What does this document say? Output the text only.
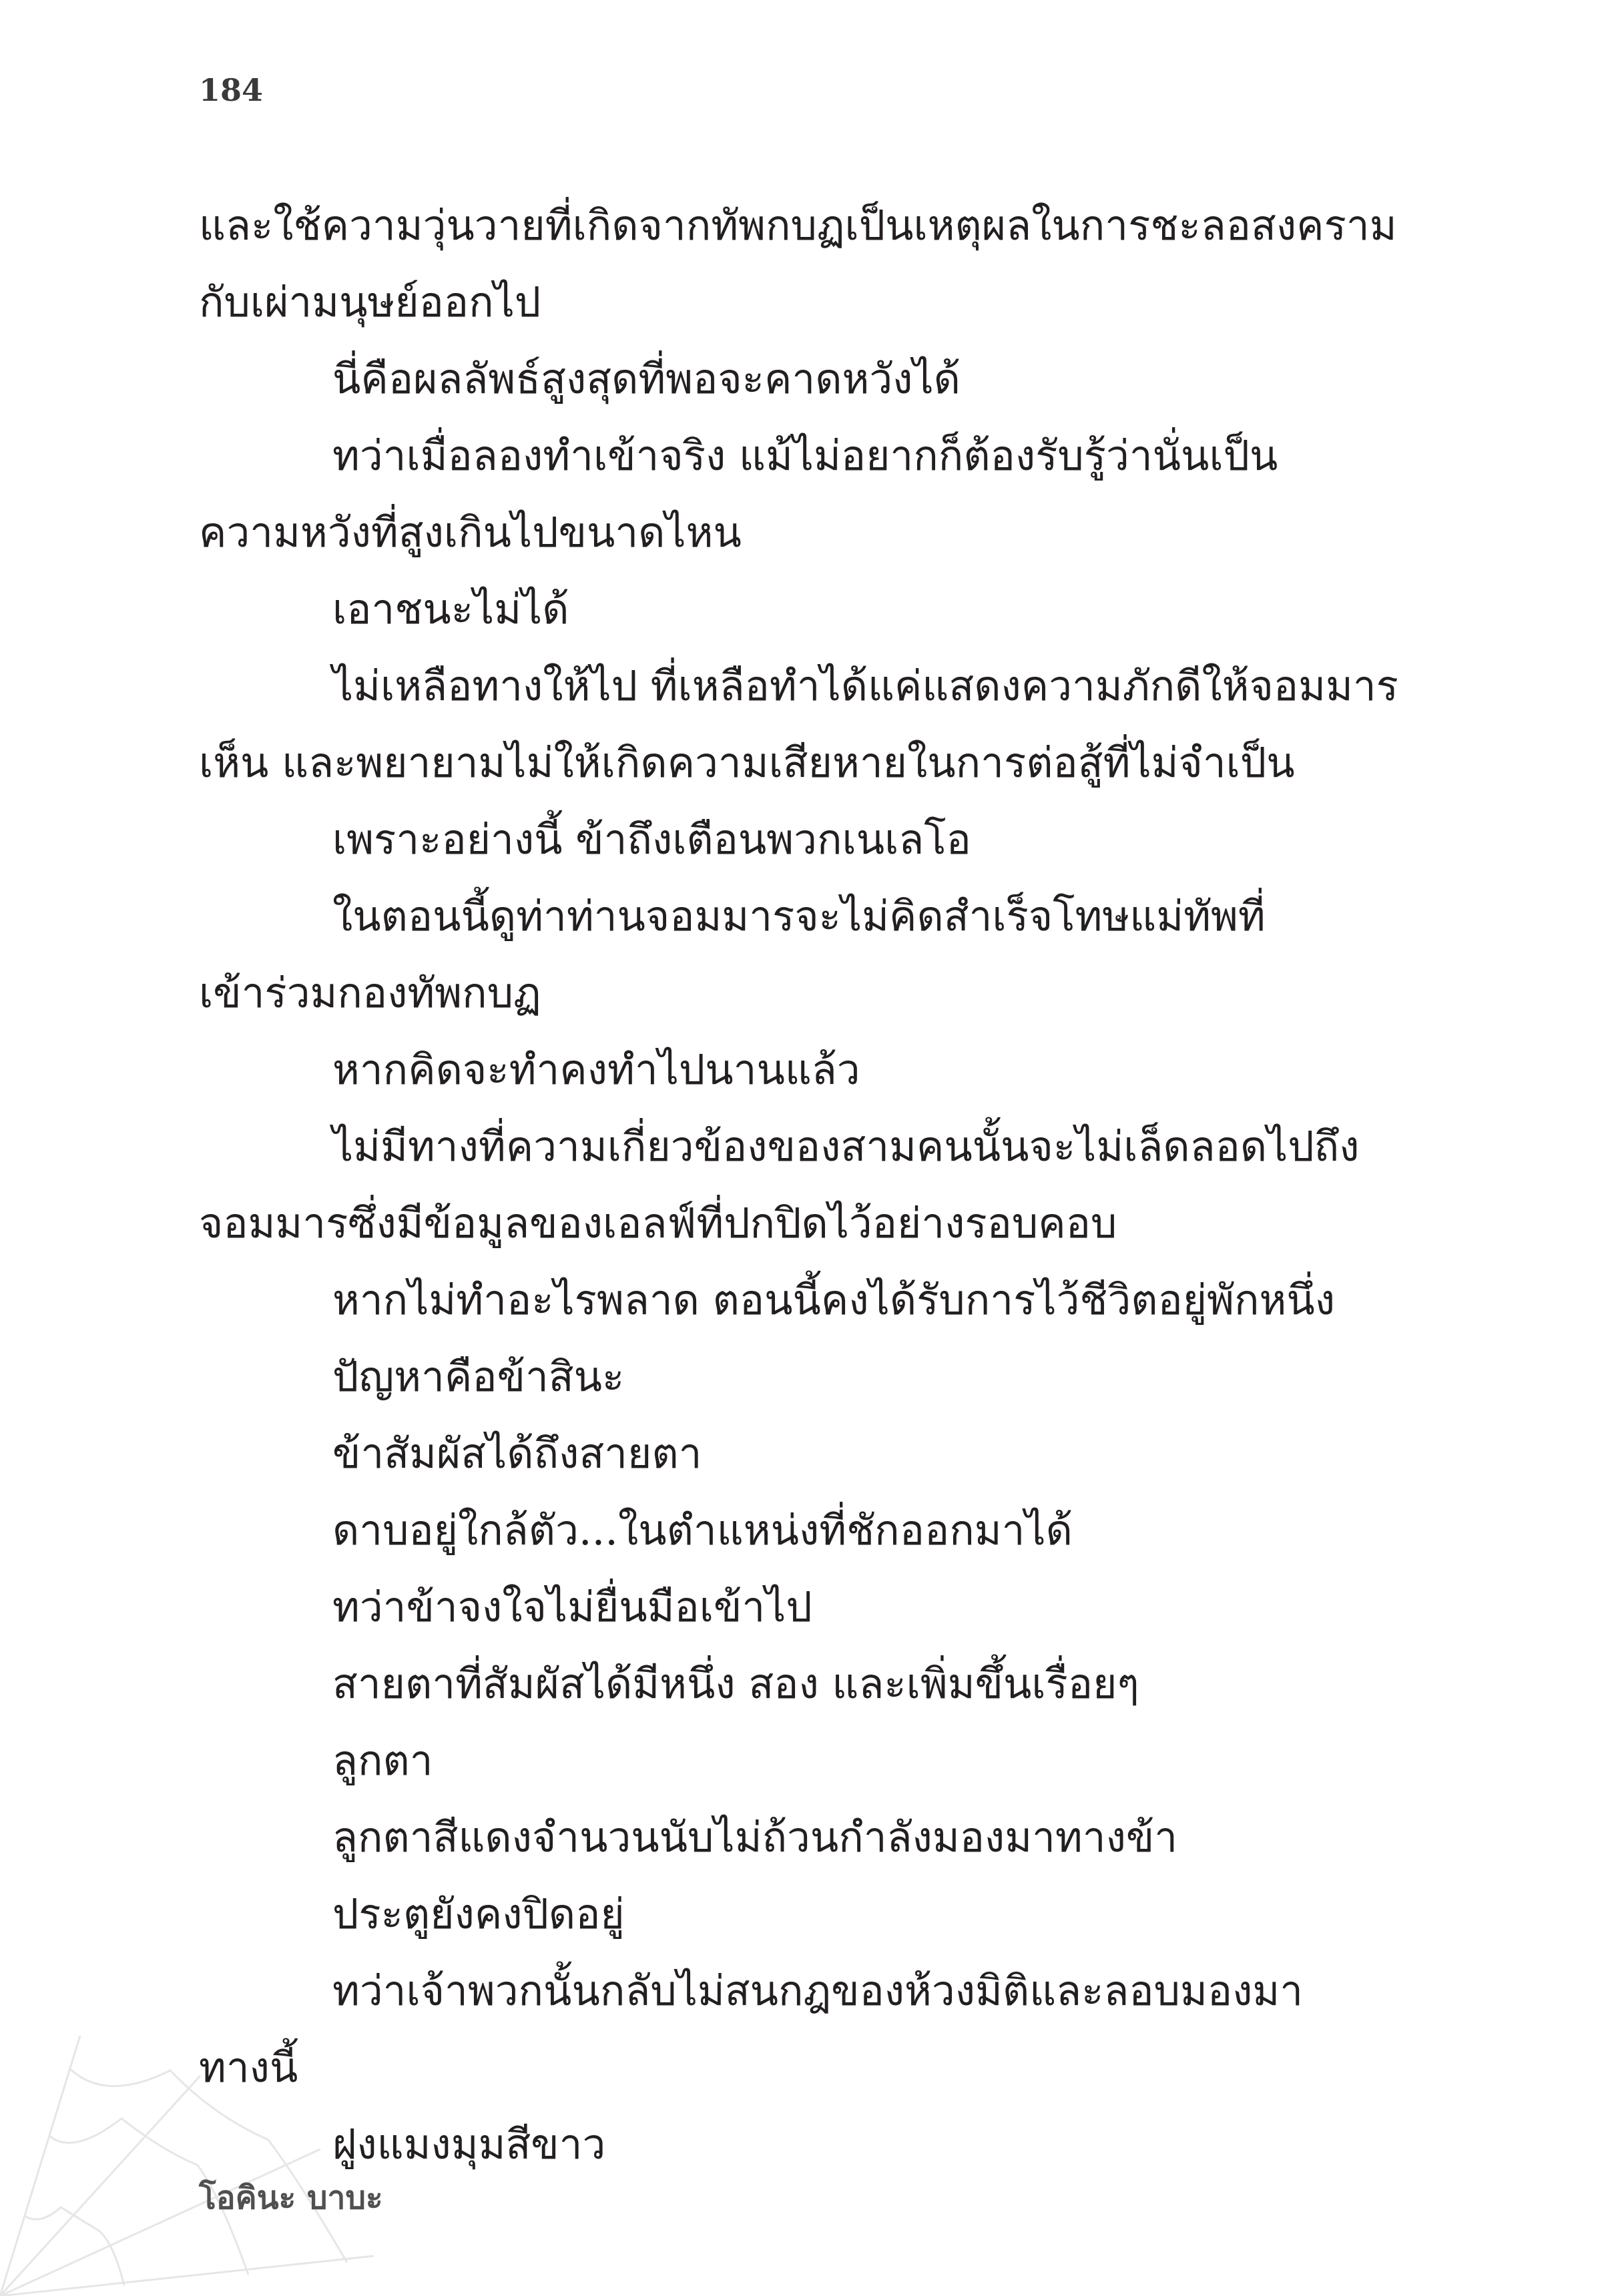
184
และใช้ความวุ่นวายที่เกิดจากทัพกบฏเป็นเหตุผลในการชะลอสงคราม
กับเผ่ามนุษย์ออกไป
นี่คือผลลัพธ์สูงสุดที่พอจะคาดหวังได้
ทว่าเมื่อลองทำเข้าจริง แม้ไม่อยากก็ต้องรับรู้ว่านั่นเป็น
ความหวังที่สูงเกินไปขนาดไหน
เอาชนะไม่ได้
ไม่เหลือทางให้ไป ที่เหลือทำได้แค่แสดงความภักดีให้จอมมาร
เห็น และพยายามไม่ให้เกิดความเสียหายในการต่อสู้ที่ไม่จำเป็น
เพราะอย่างนี้ ข้าถึงเตือนพวกเนเลโอ
ในตอนนี้ดูท่าท่านจอมมารจะไม่คิดสำเร็จโทษแม่ทัพที่
เข้าร่วมกองทัพกบฏ
หากคิดจะทำคงทำไปนานแล้ว
ไม่มีทางที่ความเกี่ยวข้องของสามคนนั้นจะไม่เล็ดลอดไปถึง
จอมมารซึ่งมีข้อมูลของเอลฟ์ที่ปกปิดไว้อย่างรอบคอบ
หากไม่ทำอะไรพลาด ตอนนี้คงได้รับการไว้ชีวิตอยู่พักหนึ่ง
ปัญหาคือข้าสินะ
ข้าสัมผัสได้ถึงสายตา
ดาบอยู่ใกล้ตัว...ในตำแหน่งที่ชักออกมาได้
ทว่าข้าจงใจไม่ยื่นมือเข้าไป
สายตาที่สัมผัสได้มีหนึ่ง สอง และเพิ่มขึ้นเรื่อยๆ
ลูกตา
ลูกตาสีแดงจำนวนนับไม่ถ้วนกำลังมองมาทางข้า
ประตูยังคงปิดอยู่
ทว่าเจ้าพวกนั้นกลับไม่สนกฎของห้วงมิติและลอบมองมา
ทางนี้
ฝูงแมงมุมสีขาว
โอคินะ บาบะ
